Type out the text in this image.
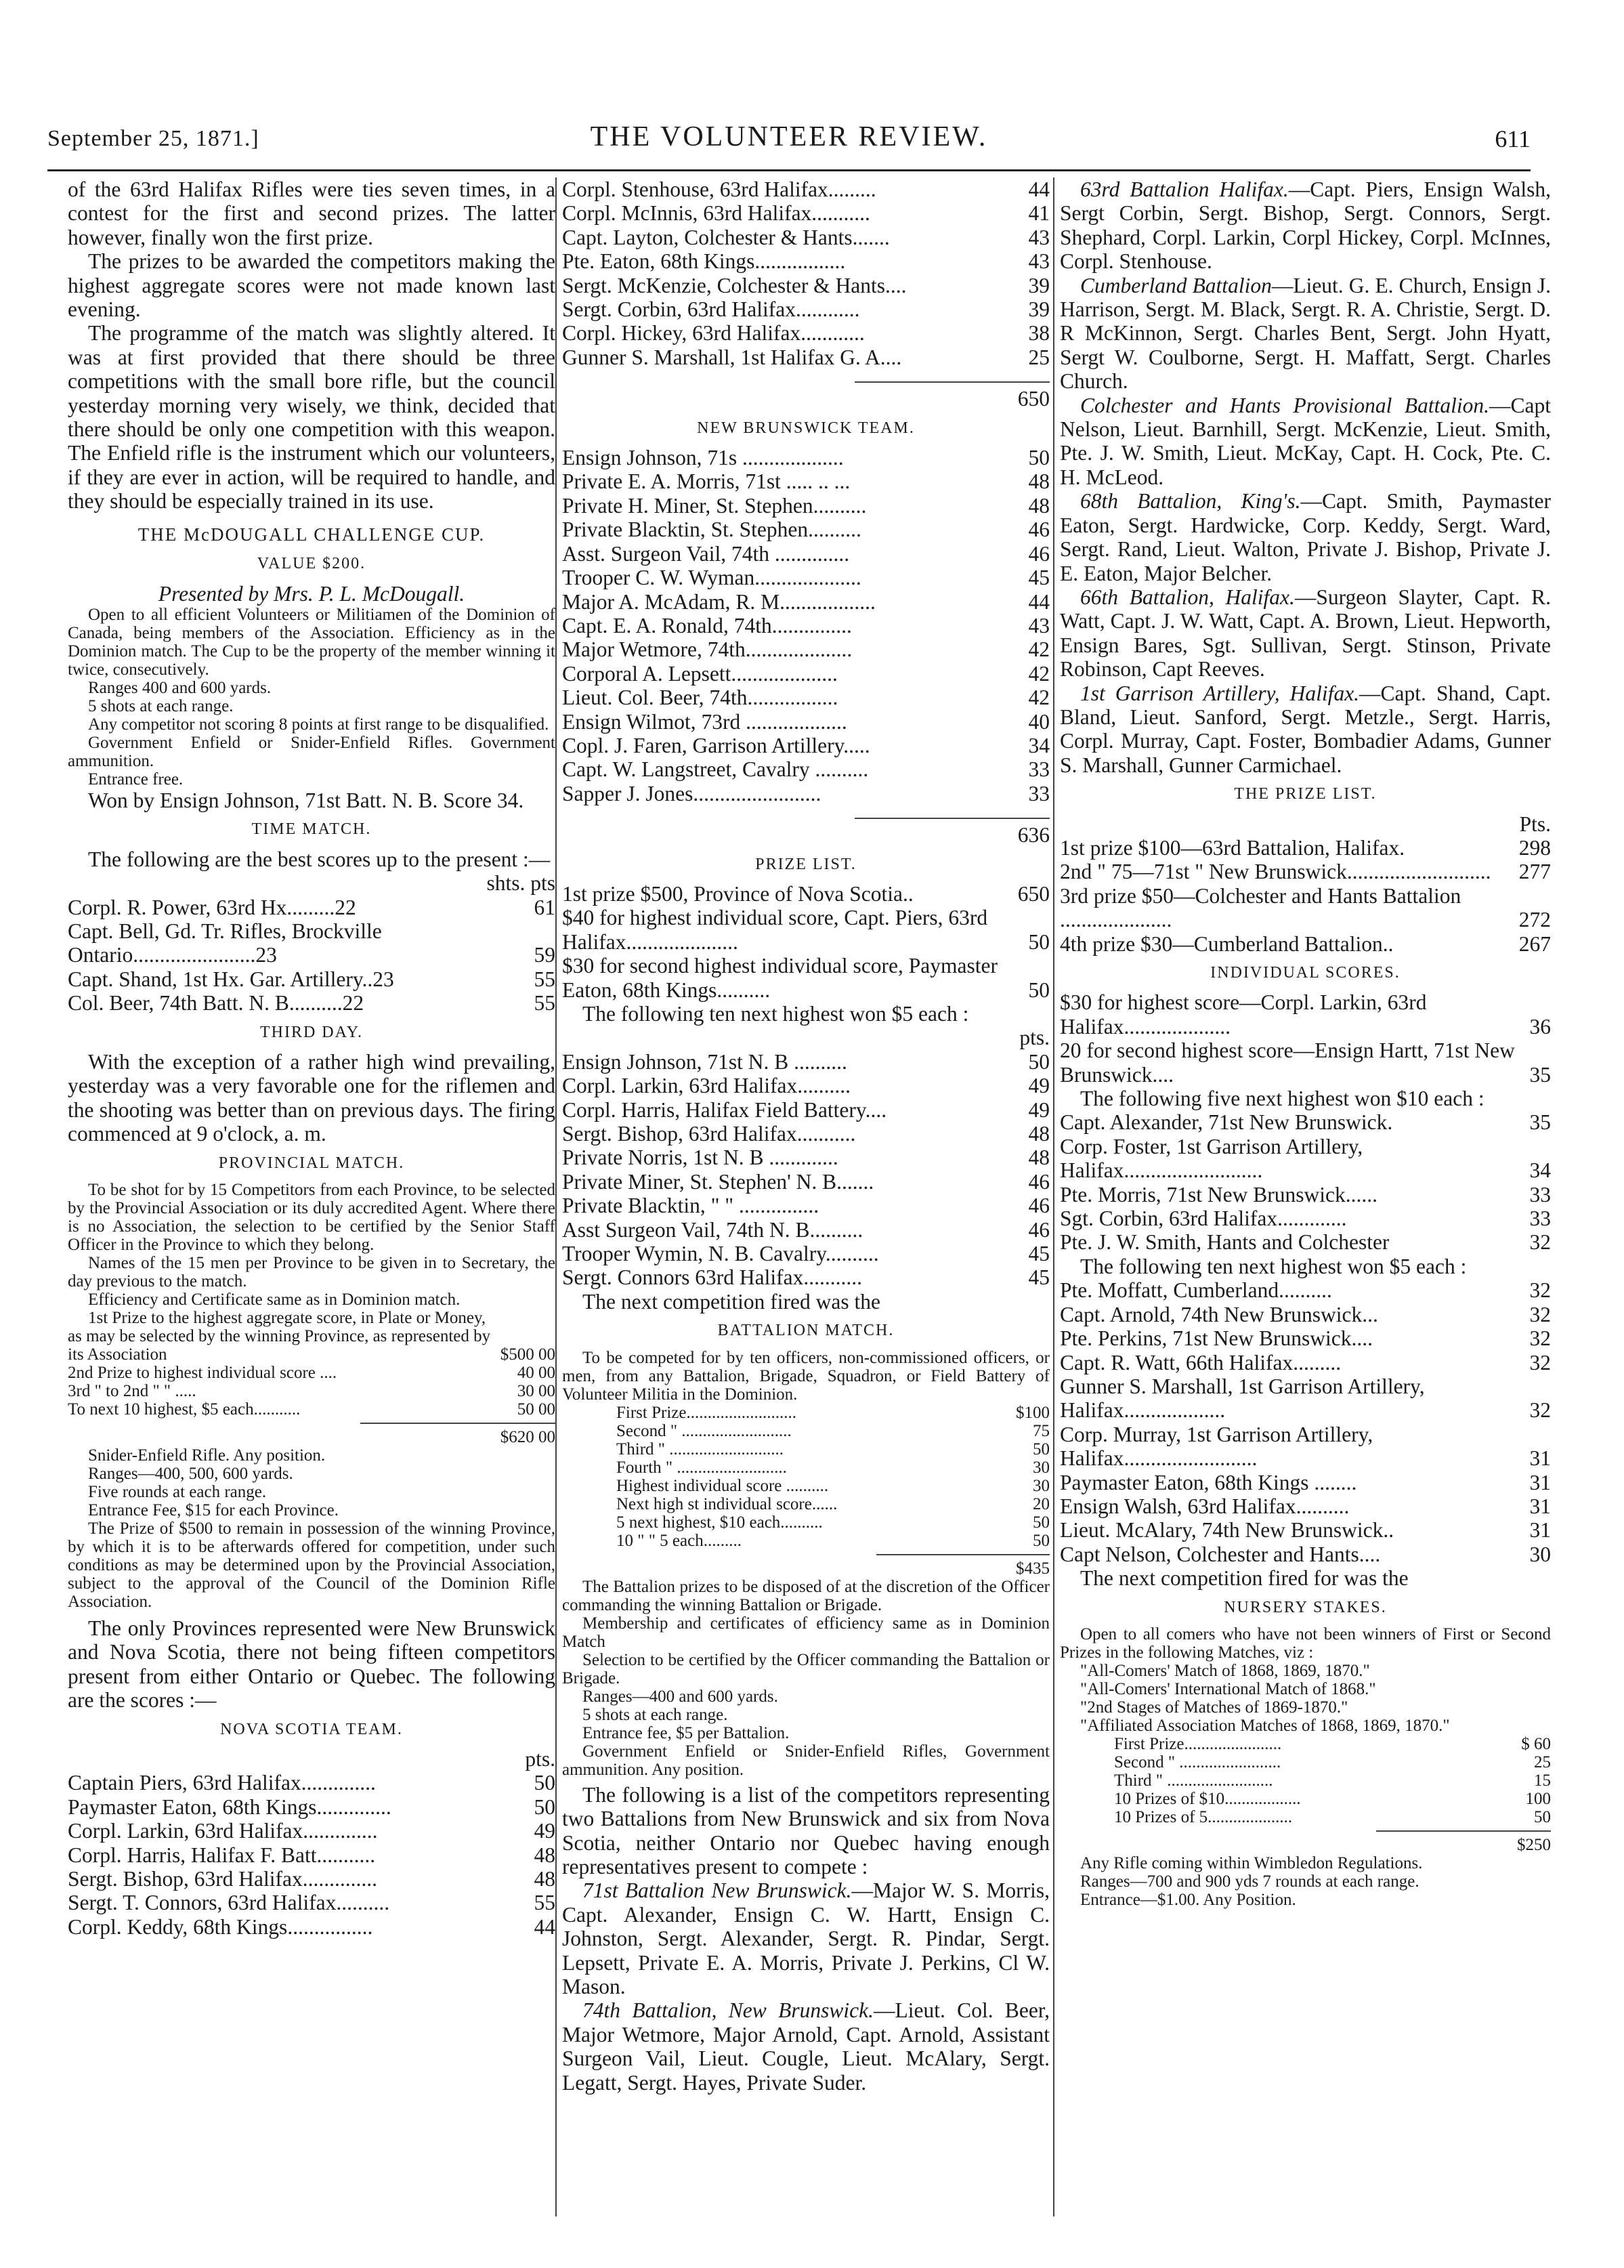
September 25, 1871.]	THE VOLUNTEER REVIEW.	611

of the 63rd Halifax Rifles were ties seven times, in a contest for the first and second prizes. The latter however, finally won the first prize.

The prizes to be awarded the competitors making the highest aggregate scores were not made known last evening.

The programme of the match was slightly altered. It was at first provided that there should be three competitions with the small bore rifle, but the council yesterday morning very wisely, we think, decided that there should be only one competition with this weapon. The Enfield rifle is the instrument which our volunteers, if they are ever in action, will be required to handle, and they should be especially trained in its use.

THE McDOUGALL CHALLENGE CUP.
VALUE $200.
Presented by Mrs. P. L. McDougall.

Open to all efficient Volunteers or Militiamen of the Dominion of Canada, being members of the Association. Efficiency as in the Dominion match. The Cup to be the property of the member winning it twice, consecutively.

Ranges 400 and 600 yards.

5 shots at each range.

Any competitor not scoring 8 points at first range to be disqualified.

Government Enfield or Snider-Enfield Rifles. Government ammunition.

Entrance free.

Won by Ensign Johnson, 71st Batt. N. B. Score 34.

TIME MATCH.

The following are the best scores up to the present :—

shts. pts
Corpl. R. Power, 63rd Hx.........22	61
Capt. Bell, Gd. Tr. Rifles, Brockville Ontario.......................23	59
Capt. Shand, 1st Hx. Gar. Artillery..23	55
Col. Beer, 74th Batt. N. B..........22	55
THIRD DAY.

With the exception of a rather high wind prevailing, yesterday was a very favorable one for the riflemen and the shooting was better than on previous days. The firing commenced at 9 o'clock, a. m.

PROVINCIAL MATCH.

To be shot for by 15 Competitors from each Province, to be selected by the Provincial Association or its duly accredited Agent. Where there is no Association, the selection to be certified by the Senior Staff Officer in the Province to which they belong.

Names of the 15 men per Province to be given in to Secretary, the day previous to the match.

Efficiency and Certificate same as in Dominion match.

1st Prize to the highest aggregate score, in Plate or Money, as may be selected by the winning Province, as represented by its Association	$500 00
2nd Prize to highest individual score ....	40 00
3rd " to 2nd " " .....	30 00
To next 10 highest, $5 each...........	50 00
$620 00

Snider-Enfield Rifle. Any position.

Ranges—400, 500, 600 yards.

Five rounds at each range.

Entrance Fee, $15 for each Province.

The Prize of $500 to remain in possession of the winning Province, by which it is to be afterwards offered for competition, under such conditions as may be determined upon by the Provincial Association, subject to the approval of the Council of the Dominion Rifle Association.

The only Provinces represented were New Brunswick and Nova Scotia, there not being fifteen competitors present from either Ontario or Quebec. The following are the scores :—

NOVA SCOTIA TEAM.
pts.
Captain Piers, 63rd Halifax..............	50
Paymaster Eaton, 68th Kings..............	50
Corpl. Larkin, 63rd Halifax..............	49
Corpl. Harris, Halifax F. Batt...........	48
Sergt. Bishop, 63rd Halifax..............	48
Sergt. T. Connors, 63rd Halifax..........	55
Corpl. Keddy, 68th Kings................	44
Corpl. Stenhouse, 63rd Halifax.........	44
Corpl. McInnis, 63rd Halifax...........	41
Capt. Layton, Colchester & Hants.......	43
Pte. Eaton, 68th Kings.................	43
Sergt. McKenzie, Colchester & Hants....	39
Sergt. Corbin, 63rd Halifax............	39
Corpl. Hickey, 63rd Halifax............	38
Gunner S. Marshall, 1st Halifax G. A....	25
650
NEW BRUNSWICK TEAM.
Ensign Johnson, 71s ...................	50
Private E. A. Morris, 71st ..... .. ...	48
Private H. Miner, St. Stephen..........	48
Private Blacktin, St. Stephen..........	46
Asst. Surgeon Vail, 74th ..............	46
Trooper C. W. Wyman....................	45
Major A. McAdam, R. M..................	44
Capt. E. A. Ronald, 74th...............	43
Major Wetmore, 74th....................	42
Corporal A. Lepsett....................	42
Lieut. Col. Beer, 74th.................	42
Ensign Wilmot, 73rd ...................	40
Copl. J. Faren, Garrison Artillery.....	34
Capt. W. Langstreet, Cavalry ..........	33
Sapper J. Jones........................	33
636
PRIZE LIST.
1st prize $500, Province of Nova Scotia..	650
$40 for highest individual score, Capt. Piers, 63rd Halifax.....................	50
$30 for second highest individual score, Paymaster Eaton, 68th Kings..........	50

The following ten next highest won $5 each :

pts.
Ensign Johnson, 71st N. B ..........	50
Corpl. Larkin, 63rd Halifax..........	49
Corpl. Harris, Halifax Field Battery....	49
Sergt. Bishop, 63rd Halifax...........	48
Private Norris, 1st N. B .............	48
Private Miner, St. Stephen' N. B.......	46
Private Blacktin, " " ...............	46
Asst Surgeon Vail, 74th N. B..........	46
Trooper Wymin, N. B. Cavalry..........	45
Sergt. Connors 63rd Halifax...........	45

The next competition fired was the

BATTALION MATCH.

To be competed for by ten officers, non-commissioned officers, or men, from any Battalion, Brigade, Squadron, or Field Battery of Volunteer Militia in the Dominion.

First Prize..........................	$100
Second " ..........................	75
Third " ...........................	50
Fourth " ..........................	30
Highest individual score ..........	30
Next high st individual score......	20
5 next highest, $10 each..........	50
10 " " 5 each.........	50
$435

The Battalion prizes to be disposed of at the discretion of the Officer commanding the winning Battalion or Brigade.

Membership and certificates of efficiency same as in Dominion Match

Selection to be certified by the Officer commanding the Battalion or Brigade.

Ranges—400 and 600 yards.

5 shots at each range.

Entrance fee, $5 per Battalion.

Government Enfield or Snider-Enfield Rifles, Government ammunition. Any position.

The following is a list of the competitors representing two Battalions from New Brunswick and six from Nova Scotia, neither Ontario nor Quebec having enough representatives present to compete :

71st Battalion New Brunswick.—Major W. S. Morris, Capt. Alexander, Ensign C. W. Hartt, Ensign C. Johnston, Sergt. Alexander, Sergt. R. Pindar, Sergt. Lepsett, Private E. A. Morris, Private J. Perkins, Cl W. Mason.

74th Battalion, New Brunswick.—Lieut. Col. Beer, Major Wetmore, Major Arnold, Capt. Arnold, Assistant Surgeon Vail, Lieut. Cougle, Lieut. McAlary, Sergt. Legatt, Sergt. Hayes, Private Suder.

63rd Battalion Halifax.—Capt. Piers, Ensign Walsh, Sergt Corbin, Sergt. Bishop, Sergt. Connors, Sergt. Shephard, Corpl. Larkin, Corpl Hickey, Corpl. McInnes, Corpl. Stenhouse.

Cumberland Battalion—Lieut. G. E. Church, Ensign J. Harrison, Sergt. M. Black, Sergt. R. A. Christie, Sergt. D. R McKinnon, Sergt. Charles Bent, Sergt. John Hyatt, Sergt W. Coulborne, Sergt. H. Maffatt, Sergt. Charles Church.

Colchester and Hants Provisional Battalion.—Capt Nelson, Lieut. Barnhill, Sergt. McKenzie, Lieut. Smith, Pte. J. W. Smith, Lieut. McKay, Capt. H. Cock, Pte. C. H. McLeod.

68th Battalion, King's.—Capt. Smith, Paymaster Eaton, Sergt. Hardwicke, Corp. Keddy, Sergt. Ward, Sergt. Rand, Lieut. Walton, Private J. Bishop, Private J. E. Eaton, Major Belcher.

66th Battalion, Halifax.—Surgeon Slayter, Capt. R. Watt, Capt. J. W. Watt, Capt. A. Brown, Lieut. Hepworth, Ensign Bares, Sgt. Sullivan, Sergt. Stinson, Private Robinson, Capt Reeves.

1st Garrison Artillery, Halifax.—Capt. Shand, Capt. Bland, Lieut. Sanford, Sergt. Metzle., Sergt. Harris, Corpl. Murray, Capt. Foster, Bombadier Adams, Gunner S. Marshall, Gunner Carmichael.

THE PRIZE LIST.
Pts.
1st prize $100—63rd Battalion, Halifax.	298
2nd " 75—71st " New Brunswick........................... 277
3rd prize $50—Colchester and Hants Battalion .....................	272
4th prize $30—Cumberland Battalion..	267
INDIVIDUAL SCORES.
$30 for highest score—Corpl. Larkin, 63rd Halifax....................	36
20 for second highest score—Ensign Hartt, 71st New Brunswick....	35

The following five next highest won $10 each :

Capt. Alexander, 71st New Brunswick.	35
Corp. Foster, 1st Garrison Artillery, Halifax..........................	34
Pte. Morris, 71st New Brunswick......	33
Sgt. Corbin, 63rd Halifax.............	33
Pte. J. W. Smith, Hants and Colchester	32

The following ten next highest won $5 each :

Pte. Moffatt, Cumberland..........	32
Capt. Arnold, 74th New Brunswick...	32
Pte. Perkins, 71st New Brunswick....	32
Capt. R. Watt, 66th Halifax.........	32
Gunner S. Marshall, 1st Garrison Artillery, Halifax...................	32
Corp. Murray, 1st Garrison Artillery, Halifax.........................	31
Paymaster Eaton, 68th Kings ........	31
Ensign Walsh, 63rd Halifax..........	31
Lieut. McAlary, 74th New Brunswick..	31
Capt Nelson, Colchester and Hants....	30

The next competition fired for was the

NURSERY STAKES.

Open to all comers who have not been winners of First or Second Prizes in the following Matches, viz :

"All-Comers' Match of 1868, 1869, 1870."

"All-Comers' International Match of 1868."

"2nd Stages of Matches of 1869-1870."

"Affiliated Association Matches of 1868, 1869, 1870."

First Prize.......................	$ 60
Second " ........................	25
Third " .........................	15
10 Prizes of $10..................	100
10 Prizes of 5....................	50
$250

Any Rifle coming within Wimbledon Regulations.

Ranges—700 and 900 yds 7 rounds at each range.

Entrance—$1.00. Any Position.
